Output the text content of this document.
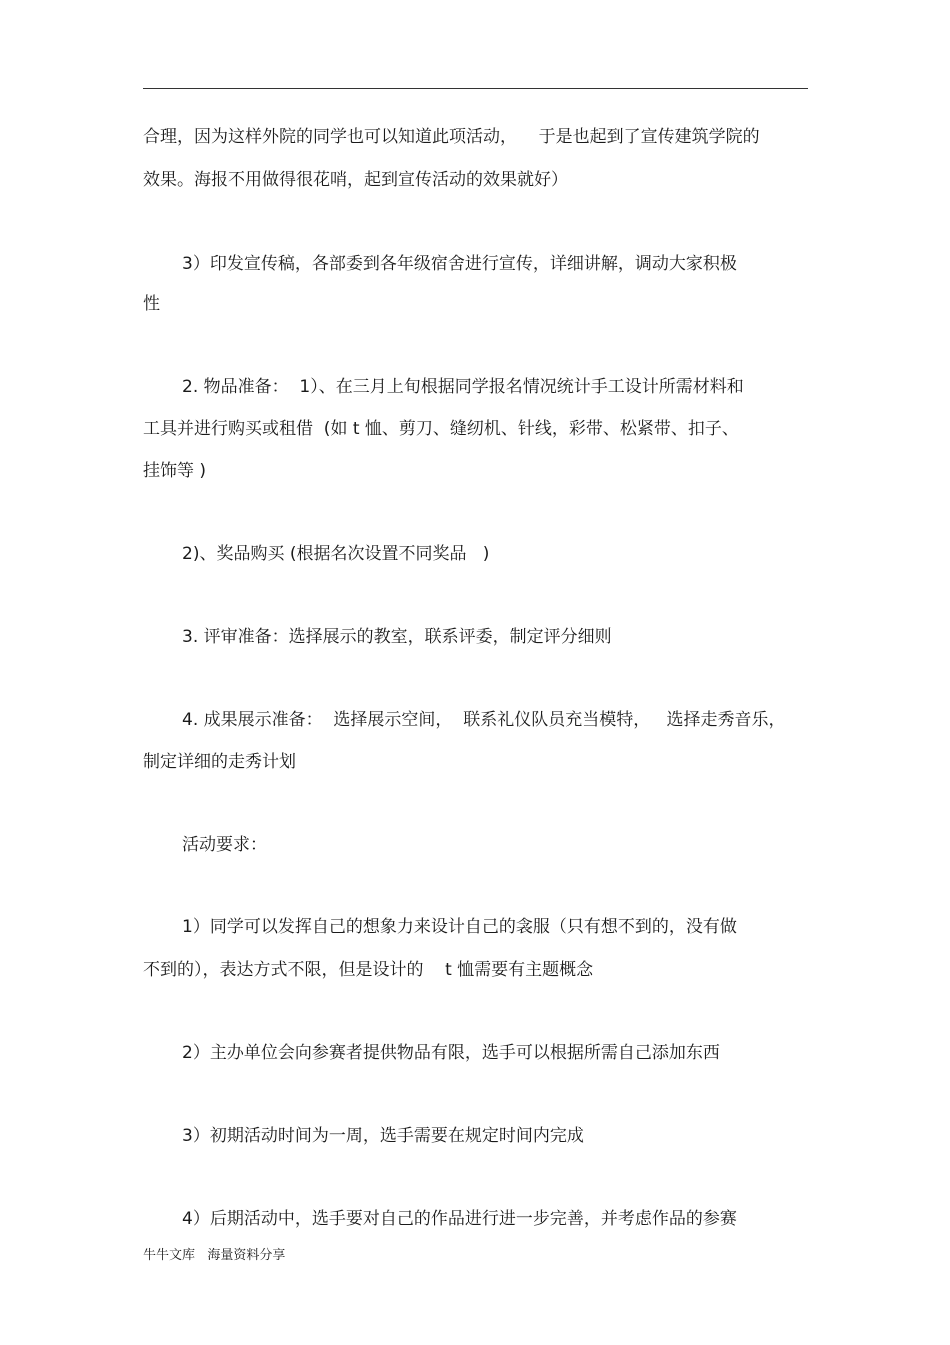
合理，因为这样外院的同学也可以知道此项活动，    于是也起到了宣传建筑学院的
效果。海报不用做得很花哨，起到宣传活动的效果就好）
3）印发宣传稿，各部委到各年级宿舍进行宣传，详细讲解，调动大家积极
性
2. 物品准备：  1）、在三月上旬根据同学报名情况统计手工设计所需材料和
工具并进行购买或租借  (如 t 恤、剪刀、缝纫机、针线，彩带、松紧带、扣子、
挂饰等 )
2)、奖品购买 (根据名次设置不同奖品   )
3. 评审准备：选择展示的教室，联系评委，制定评分细则
4. 成果展示准备：  选择展示空间，  联系礼仪队员充当模特，   选择走秀音乐，
制定详细的走秀计划
活动要求：
1）同学可以发挥自己的想象力来设计自己的衾服（只有想不到的，没有做
不到的），表达方式不限，但是设计的    t 恤需要有主题概念
2）主办单位会向参赛者提供物品有限，选手可以根据所需自己添加东西
3）初期活动时间为一周，选手需要在规定时间内完成
4）后期活动中，选手要对自己的作品进行进一步完善，并考虑作品的参赛
牛牛文库   海量资料分享
